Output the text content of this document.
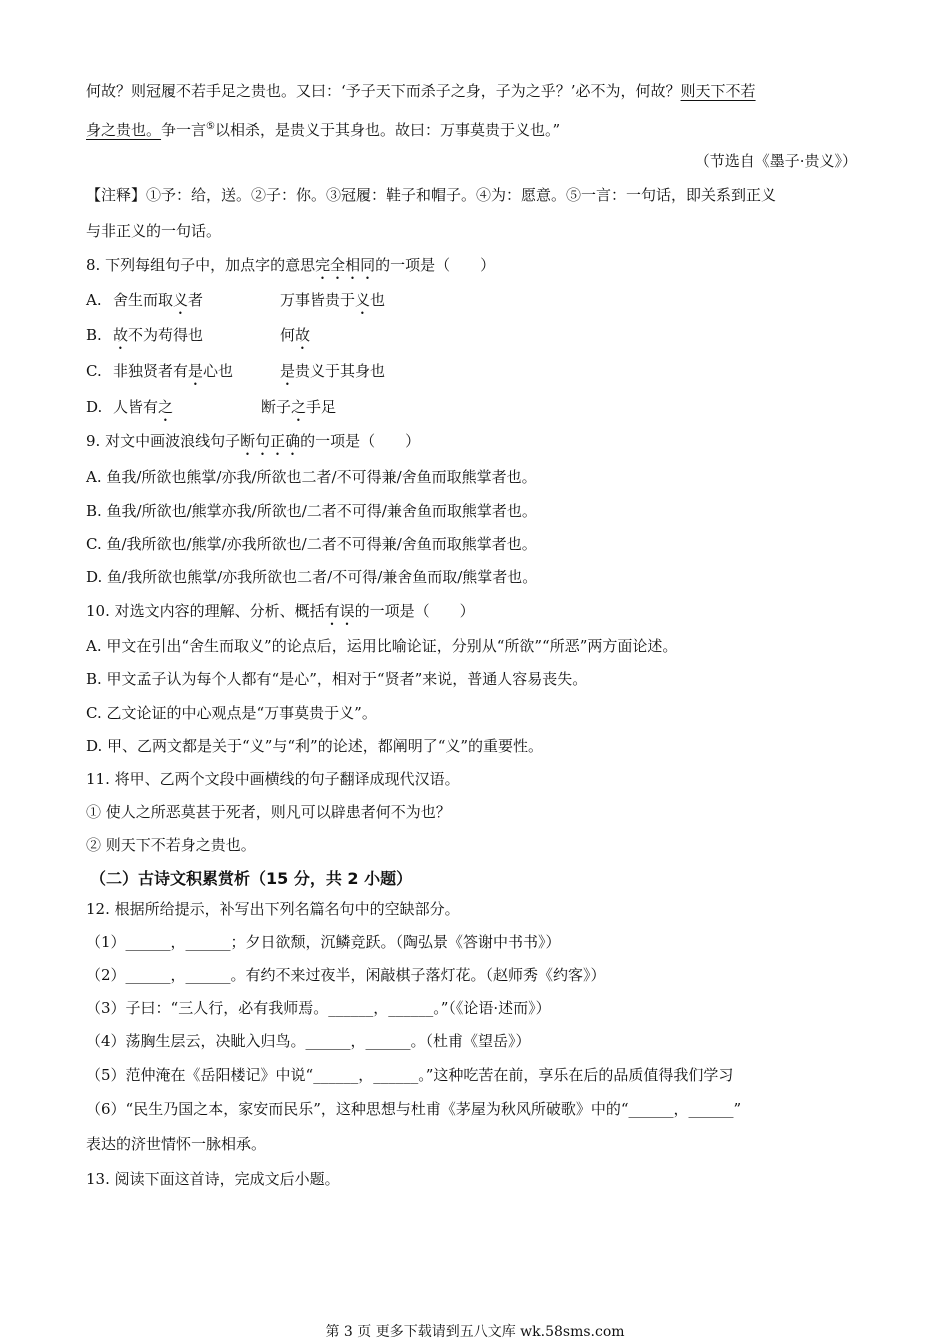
何故？则冠履不若手足之贵也。又曰：‘予子天下而杀子之身，子为之乎？’必不为，何故？则天下不若
身之贵也。争一言⑤以相杀，是贵义于其身也。故曰：万事莫贵于义也。”
（节选自《墨子·贵义》）
【注释】①予：给，送。②子：你。③冠履：鞋子和帽子。④为：愿意。⑤一言：一句话，即关系到正义
与非正义的一句话。
8. 下列每组句子中，加点字的意思完全相同的一项是（　　）
A. 舍生而取义者	万事皆贵于义也
B. 故不为苟得也	何故
C. 非独贤者有是心也	是贵义于其身也
D. 人皆有之	断子之手足
9. 对文中画波浪线句子断句正确的一项是（　　）
A. 鱼我/所欲也熊掌/亦我/所欲也二者/不可得兼/舍鱼而取熊掌者也。
B. 鱼我/所欲也/熊掌亦我/所欲也/二者不可得/兼舍鱼而取熊掌者也。
C. 鱼/我所欲也/熊掌/亦我所欲也/二者不可得兼/舍鱼而取熊掌者也。
D. 鱼/我所欲也熊掌/亦我所欲也二者/不可得/兼舍鱼而取/熊掌者也。
10. 对选文内容的理解、分析、概括有误的一项是（　　）
A. 甲文在引出“舍生而取义”的论点后，运用比喻论证，分别从“所欲”“所恶”两方面论述。
B. 甲文孟子认为每个人都有“是心”，相对于“贤者”来说，普通人容易丧失。
C. 乙文论证的中心观点是“万事莫贵于义”。
D. 甲、乙两文都是关于“义”与“利”的论述，都阐明了“义”的重要性。
11. 将甲、乙两个文段中画横线的句子翻译成现代汉语。
① 使人之所恶莫甚于死者，则凡可以辟患者何不为也？
② 则天下不若身之贵也。
（二）古诗文积累赏析（15 分，共 2 小题）
12. 根据所给提示，补写出下列名篇名句中的空缺部分。
（1）______，______；夕日欲颓，沉鳞竞跃。（陶弘景《答谢中书书》）
（2）______，______。有约不来过夜半，闲敲棋子落灯花。（赵师秀《约客》）
（3）子曰：“三人行，必有我师焉。______，______。”（《论语·述而》）
（4）荡胸生层云，决眦入归鸟。______，______。（杜甫《望岳》）
（5）范仲淹在《岳阳楼记》中说“______，______。”这种吃苦在前，享乐在后的品质值得我们学习
（6）“民生乃国之本，家安而民乐”，这种思想与杜甫《茅屋为秋风所破歌》中的“______，______”
表达的济世情怀一脉相承。
13. 阅读下面这首诗，完成文后小题。
第 3 页 更多下载请到五八文库 wk.58sms.com
